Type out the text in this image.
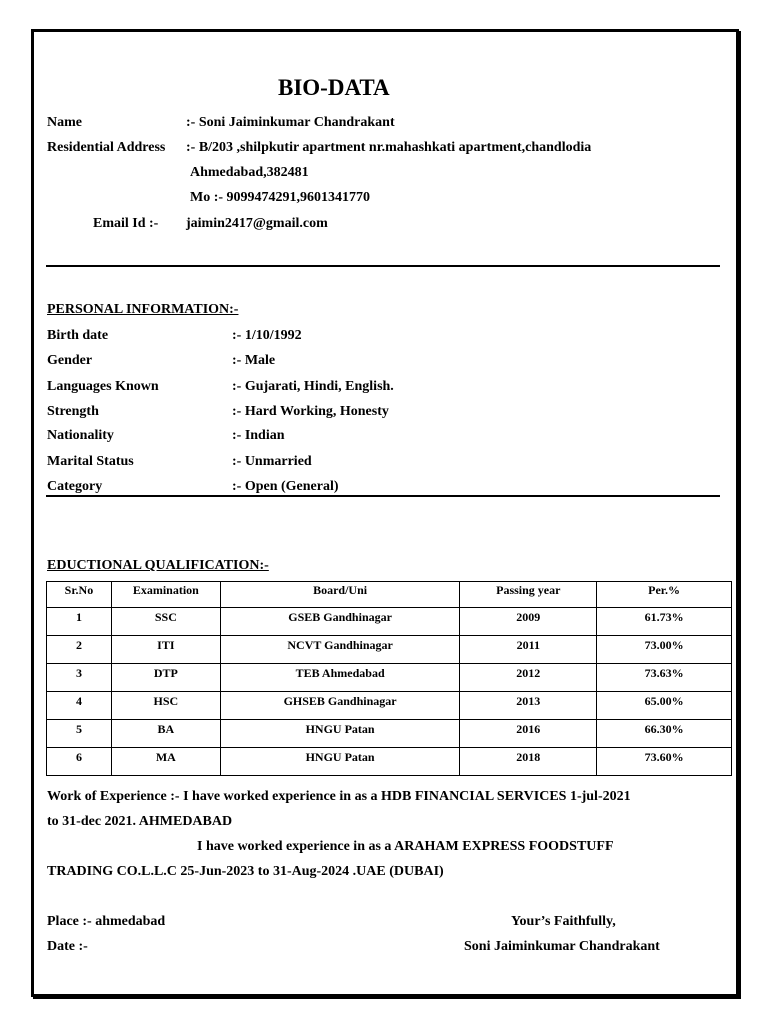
BIO-DATA
Name	:- Soni Jaiminkumar Chandrakant
Residential Address :- B/203 ,shilpkutir apartment nr.mahashkati apartment,chandlodia
Ahmedabad,382481
Mo :- 9099474291,9601341770
Email Id :- jaimin2417@gmail.com
PERSONAL INFORMATION:-
Birth date	:- 1/10/1992
Gender	:- Male
Languages Known	:- Gujarati, Hindi, English.
Strength	:- Hard Working, Honesty
Nationality	:- Indian
Marital Status	:- Unmarried
Category	:- Open (General)
EDUCTIONAL QUALIFICATION:-
Sr.No	Examination	Board/Uni	Passing year	Per.%
1	SSC	GSEB Gandhinagar	2009	61.73%
2	ITI	NCVT Gandhinagar	2011	73.00%
3	DTP	TEB Ahmedabad	2012	73.63%
4	HSC	GHSEB Gandhinagar	2013	65.00%
5	BA	HNGU Patan	2016	66.30%
6	MA	HNGU Patan	2018	73.60%
Work of Experience :- I have worked experience in as a HDB FINANCIAL SERVICES 1-jul-2021
to 31-dec 2021. AHMEDABAD
I have worked experience in as a ARAHAM EXPRESS FOODSTUFF
TRADING CO.L.L.C 25-Jun-2023 to 31-Aug-2024 .UAE (DUBAI)
Place :- ahmedabad
Date :-
Your’s Faithfully,
Soni Jaiminkumar Chandrakant
